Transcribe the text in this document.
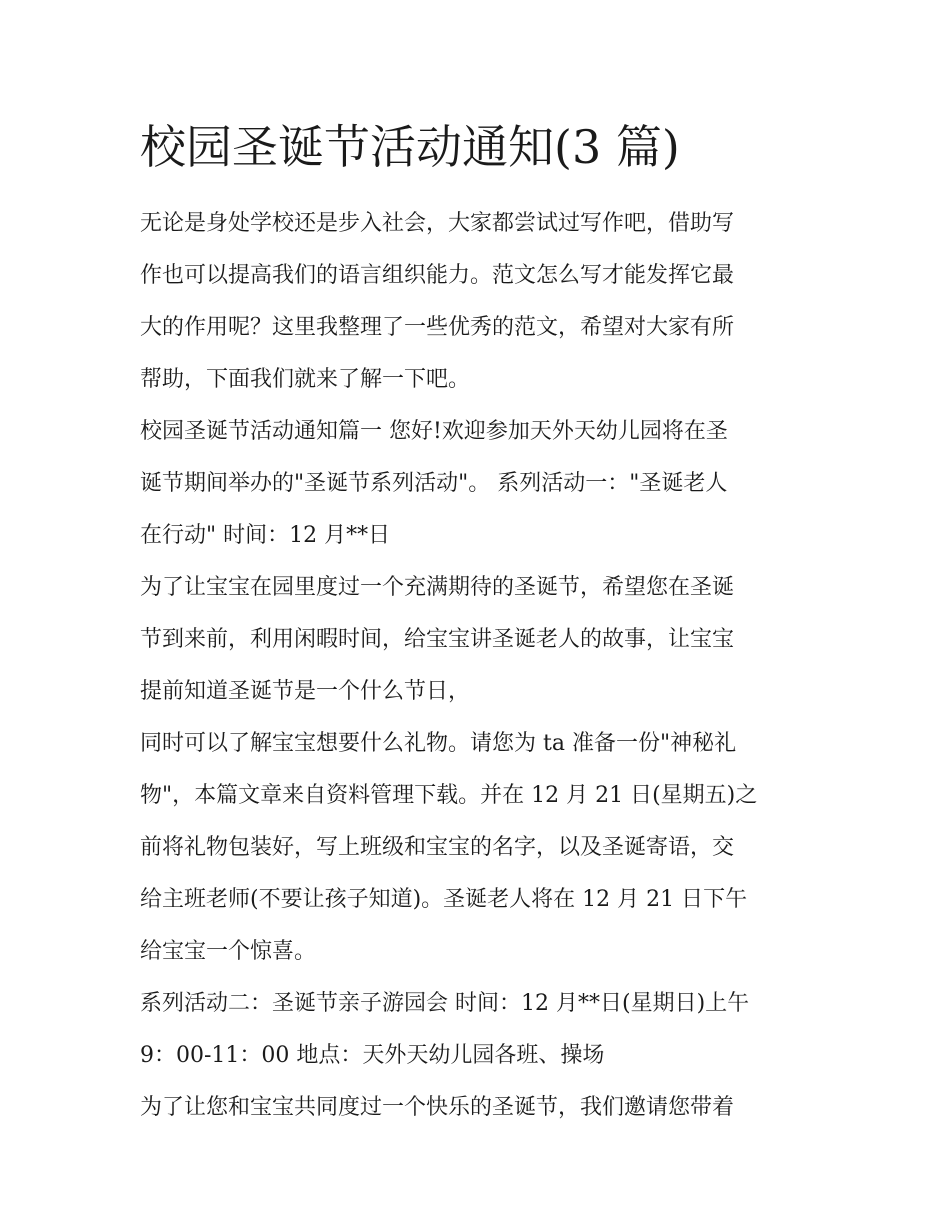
校园圣诞节活动通知(3 篇)
无论是身处学校还是步入社会，大家都尝试过写作吧，借助写
作也可以提高我们的语言组织能力。范文怎么写才能发挥它最
大的作用呢？这里我整理了一些优秀的范文，希望对大家有所
帮助，下面我们就来了解一下吧。
校园圣诞节活动通知篇一 您好!欢迎参加天外天幼儿园将在圣
诞节期间举办的"圣诞节系列活动"。 系列活动一："圣诞老人
在行动" 时间：12 月**日
为了让宝宝在园里度过一个充满期待的圣诞节，希望您在圣诞
节到来前，利用闲暇时间，给宝宝讲圣诞老人的故事，让宝宝
提前知道圣诞节是一个什么节日，
同时可以了解宝宝想要什么礼物。请您为 ta 准备一份"神秘礼
物"，本篇文章来自资料管理下载。并在 12 月 21 日(星期五)之
前将礼物包装好，写上班级和宝宝的名字，以及圣诞寄语，交
给主班老师(不要让孩子知道)。圣诞老人将在 12 月 21 日下午
给宝宝一个惊喜。
系列活动二：圣诞节亲子游园会 时间：12 月**日(星期日)上午
9：00-11：00 地点：天外天幼儿园各班、操场
为了让您和宝宝共同度过一个快乐的圣诞节，我们邀请您带着
